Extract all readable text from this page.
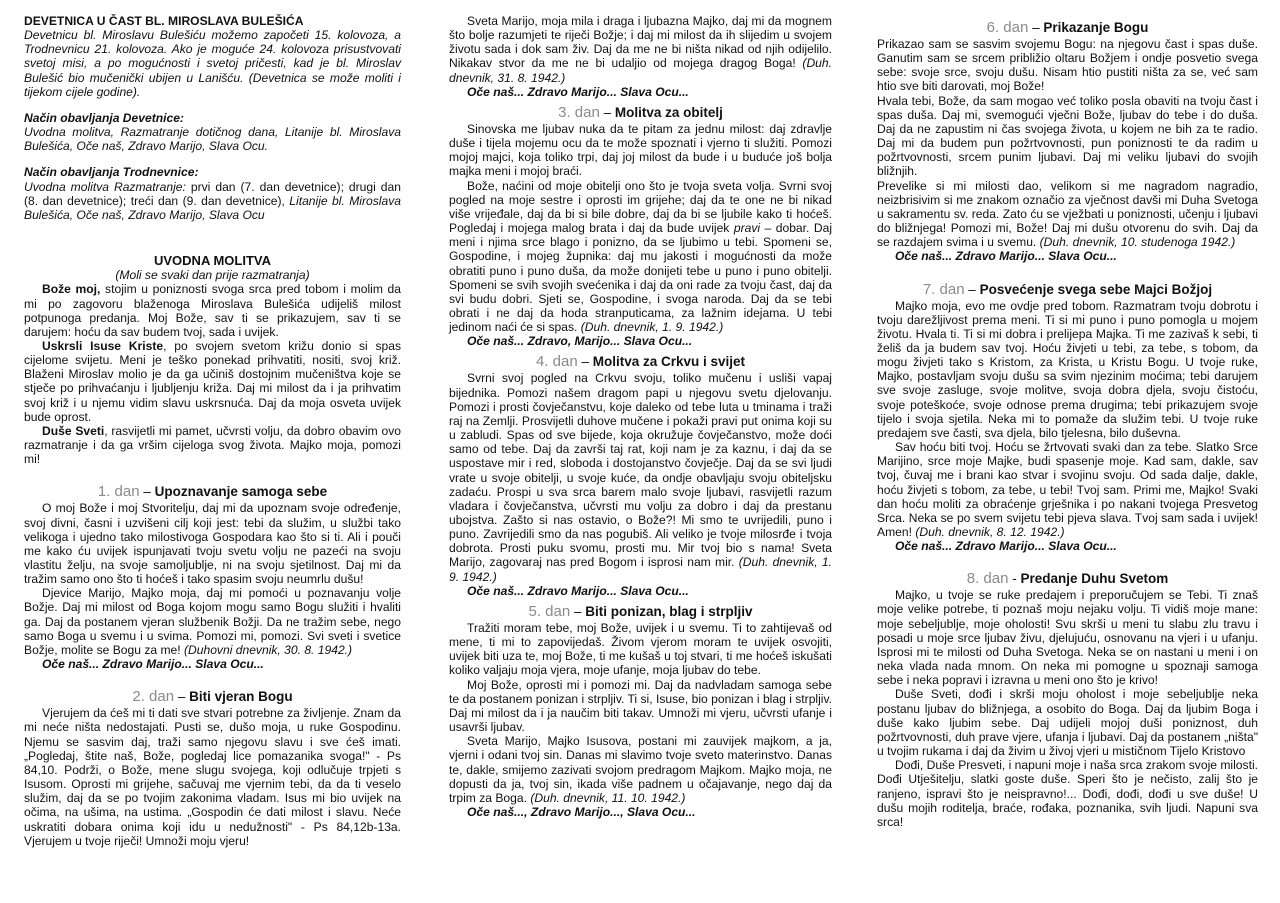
DEVETNICA U ČAST BL. MIROSLAVA BULEŠIĆA

Devetnicu bl. Miroslavu Bulešiću možemo započeti 15. kolovoza, a Trodnevnicu 21. kolovoza. Ako je moguće 24. kolovoza prisustvovati svetoj misi, a po mogućnosti i svetoj pričesti, kad je bl. Miroslav Bulešić bio mučenički ubijen u Lanišću. (Devetnica se može moliti i tijekom cijele godine).

Način obavljanja Devetnice:

Uvodna molitva, Razmatranje dotičnog dana, Litanije bl. Miroslava Bulešića, Oče naš, Zdravo Marijo, Slava Ocu.

Način obavljanja Trodnevnice:

Uvodna molitva Razmatranje: prvi dan (7. dan devetnice); drugi dan (8. dan devetnice); treći dan (9. dan devetnice), Litanije bl. Miroslava Bulešića, Oče naš, Zdravo Marijo, Slava Ocu

UVODNA MOLITVA

(Moli se svaki dan prije razmatranja)

Bože moj, stojim u poniznosti svoga srca pred tobom i molim da mi po zagovoru blaženoga Miroslava Bulešića udijeliš milost potpunoga predanja. Moj Bože, sav ti se prikazujem, sav ti se darujem: hoću da sav budem tvoj, sada i uvijek.

Uskrsli Isuse Kriste, po svojem svetom križu donio si spas cijelome svijetu. Meni je teško ponekad prihvatiti, nositi, svoj križ. Blaženi Miroslav molio je da ga učiniš dostojnim mučeništva koje se stječe po prihvaćanju i ljubljenju križa. Daj mi milost da i ja prihvatim svoj križ i u njemu vidim slavu uskrsnuća. Daj da moja osveta uvijek bude oprost.

Duše Sveti, rasvijetli mi pamet, učvrsti volju, da dobro obavim ovo razmatranje i da ga vršim cijeloga svog života. Majko moja, pomozi mi!

1. dan – Upoznavanje samoga sebe

O moj Bože i moj Stvoritelju, daj mi da upoznam svoje određenje, svoj divni, časni i uzvišeni cilj koji jest: tebi da služim, u službi tako velikoga i ujedno tako milostivoga Gospodara kao što si ti. Ali i pouči me kako ću uvijek ispunjavati tvoju svetu volju ne pazeći na svoju vlastitu želju, na svoje samoljublje, ni na svoju sjetilnost. Daj mi da tražim samo ono što ti hoćeš i tako spasim svoju neumrlu dušu!

Djevice Marijo, Majko moja, daj mi pomoći u poznavanju volje Božje. Daj mi milost od Boga kojom mogu samo Bogu služiti i hvaliti ga. Daj da postanem vjeran službenik Božji. Da ne tražim sebe, nego samo Boga u svemu i u svima. Pomozi mi, pomozi. Svi sveti i svetice Božje, molite se Bogu za me! (Duhovni dnevnik, 30. 8. 1942.)

Oče naš... Zdravo Marijo... Slava Ocu...

2. dan – Biti vjeran Bogu

Vjerujem da ćeš mi ti dati sve stvari potrebne za življenje. Znam da mi neće ništa nedostajati. Pusti se, dušo moja, u ruke Gospodinu. Njemu se sasvim daj, traži samo njegovu slavu i sve ćeš imati. „Pogledaj, štite naš, Bože, pogledaj lice pomazanika svoga!" - Ps 84,10. Podrži, o Bože, mene slugu svojega, koji odlučuje trpjeti s Isusom. Oprosti mi grijehe, sačuvaj me vjernim tebi, da da ti veselo služim, daj da se po tvojim zakonima vladam. Isus mi bio uvijek na očima, na ušima, na ustima. „Gospodin će dati milost i slavu. Neće uskratiti dobara onima koji idu u nedužnosti" - Ps 84,12b-13a. Vjerujem u tvoje riječi! Umnoži moju vjeru!

Sveta Marijo, moja mila i draga i ljubazna Majko, daj mi da mognem što bolje razumjeti te riječi Božje; i daj mi milost da ih slijedim u svojem životu sada i dok sam živ. Daj da me ne bi ništa nikad od njih odijelilo. Nikakav stvor da me ne bi udaljio od mojega dragog Boga! (Duh. dnevnik, 31. 8. 1942.)

Oče naš... Zdravo Marijo... Slava Ocu...

3. dan – Molitva za obitelj

Sinovska me ljubav nuka da te pitam za jednu milost: daj zdravlje duše i tijela mojemu ocu da te može spoznati i vjerno ti služiti. Pomozi mojoj majci, koja toliko trpi, daj joj milost da bude i u buduće još bolja majka meni i mojoj braći.

Bože, naćini od moje obitelji ono što je tvoja sveta volja. Svrni svoj pogled na moje sestre i oprosti im grijehe; daj da te one ne bi nikad više vrijeđale, daj da bi si bile dobre, daj da bi se ljubile kako ti hoćeš. Pogledaj i mojega malog brata i daj da bude uvijek pravi – dobar. Daj meni i njima srce blago i ponizno, da se ljubimo u tebi. Spomeni se, Gospodine, i mojeg župnika: daj mu jakosti i mogućnosti da može obratiti puno i puno duša, da može donijeti tebe u puno i puno obitelji. Spomeni se svih svojih svećenika i daj da oni rade za tvoju čast, daj da svi budu dobri. Sjeti se, Gospodine, i svoga naroda. Daj da se tebi obrati i ne daj da hoda stranputicama, za lažnim idejama. U tebi jedinom naći će si spas. (Duh. dnevnik, 1. 9. 1942.)

Oče naš... Zdravo, Marijo... Slava Ocu...

4. dan – Molitva za Crkvu i svijet

Svrni svoj pogled na Crkvu svoju, toliko mučenu i usliši vapaj bijednika. Pomozi našem dragom papi u njegovu svetu djelovanju. Pomozi i prosti čovječanstvu, koje daleko od tebe luta u tminama i traži raj na Zemlji. Prosvijetli duhove mučene i pokaži pravi put onima koji su u zabludi. Spas od sve bijede, koja okružuje čovječanstvo, može doći samo od tebe. Daj da završi taj rat, koji nam je za kaznu, i daj da se uspostave mir i red, sloboda i dostojanstvo čovječje. Daj da se svi ljudi vrate u svoje obitelji, u svoje kuće, da ondje obavljaju svoju obiteljsku zadaću. Prospi u sva srca barem malo svoje ljubavi, rasvijetli razum vladara i čovječanstva, učvrsti mu volju za dobro i daj da prestanu ubojstva. Zašto si nas ostavio, o Bože?! Mi smo te uvrijedili, puno i puno. Zavrijedili smo da nas pogubiš. Ali veliko je tvoje milosrđe i tvoja dobrota. Prosti puku svomu, prosti mu. Mir tvoj bio s nama! Sveta Marijo, zagovaraj nas pred Bogom i isprosi nam mir. (Duh. dnevnik, 1. 9. 1942.)

Oče naš... Zdravo Marijo... Slava Ocu...

5. dan – Biti ponizan, blag i strpljiv

Tražiti moram tebe, moj Bože, uvijek i u svemu. Ti to zahtijevaš od mene, ti mi to zapovijedaš. Živom vjerom moram te uvijek osvojiti, uvijek biti uza te, moj Bože, ti me kušaš u toj stvari, ti me hoćeš iskušati koliko valjaju moja vjera, moje ufanje, moja ljubav do tebe.

Moj Bože, oprosti mi i pomozi mi. Daj da nadvladam samoga sebe te da postanem ponizan i strpljiv. Ti si, Isuse, bio ponizan i blag i strpljiv. Daj mi milost da i ja naučim biti takav. Umnoži mi vjeru, učvrsti ufanje i usavrši ljubav.

Sveta Marijo, Majko Isusova, postani mi zauvijek majkom, a ja, vjerni i odani tvoj sin. Danas mi slavimo tvoje sveto materinstvo. Danas te, dakle, smijemo zazivati svojom predragom Majkom. Majko moja, ne dopusti da ja, tvoj sin, ikada više padnem u očajavanje, nego daj da trpim za Boga. (Duh. dnevnik, 11. 10. 1942.)

Oče naš..., Zdravo Marijo..., Slava Ocu...

6. dan – Prikazanje Bogu

Prikazao sam se sasvim svojemu Bogu: na njegovu čast i spas duše. Ganutim sam se srcem približio oltaru Božjem i ondje posvetio svega sebe: svoje srce, svoju dušu. Nisam htio pustiti ništa za se, već sam htio sve biti darovati, moj Bože!

Hvala tebi, Bože, da sam mogao već toliko posla obaviti na tvoju čast i spas duša. Daj mi, svemogući vječni Bože, ljubav do tebe i do duša. Daj da ne zapustim ni čas svojega života, u kojem ne bih za te radio. Daj mi da budem pun požrtvovnosti, pun poniznosti te da radim u požrtvovnosti, srcem punim ljubavi. Daj mi veliku ljubavi do svojih bližnjih.

Prevelike si mi milosti dao, velikom si me nagradom nagradio, neizbrisivim si me znakom označio za vječnost davši mi Duha Svetoga u sakramentu sv. reda. Zato ću se vježbati u poniznosti, učenju i ljubavi do bližnjega! Pomozi mi, Bože! Daj mi dušu otvorenu do svih. Daj da se razdajem svima i u svemu. (Duh. dnevnik, 10. studenoga 1942.)

Oče naš... Zdravo Marijo... Slava Ocu...

7. dan – Posvećenje svega sebe Majci Božjoj

Majko moja, evo me ovdje pred tobom. Razmatram tvoju dobrotu i tvoju darežljivost prema meni. Ti si mi puno i puno pomogla u mojem životu. Hvala ti. Ti si mi dobra i prelijepa Majka. Ti me zazivaš k sebi, ti želiš da ja budem sav tvoj. Hoću živjeti u tebi, za tebe, s tobom, da mogu živjeti tako s Kristom, za Krista, u Kristu Bogu. U tvoje ruke, Majko, postavljam svoju dušu sa svim njezinim moćima; tebi darujem sve svoje zasluge, svoje molitve, svoja dobra djela, svoju čistoću, svoje poteškoće, svoje odnose prema drugima; tebi prikazujem svoje tijelo i svoja sjetila. Neka mi to pomaže da služim tebi. U tvoje ruke predajem sve časti, sva djela, bilo tjelesna, bilo duševna.

Sav hoću biti tvoj. Hoću se žrtvovati svaki dan za tebe. Slatko Srce Marijino, srce moje Majke, budi spasenje moje. Kad sam, dakle, sav tvoj, čuvaj me i brani kao stvar i svojinu svoju. Od sada dalje, dakle, hoću živjeti s tobom, za tebe, u tebi! Tvoj sam. Primi me, Majko! Svaki dan hoću moliti za obraćenje grješnika i po nakani tvojega Presvetog Srca. Neka se po svem svijetu tebi pjeva slava. Tvoj sam sada i uvijek! Amen! (Duh. dnevnik, 8. 12. 1942.)

Oče naš... Zdravo Marijo... Slava Ocu...

8. dan - Predanje Duhu Svetom

Majko, u tvoje se ruke predajem i preporučujem se Tebi. Ti znaš moje velike potrebe, ti poznaš moju nejaku volju. Ti vidiš moje mane: moje sebeljublje, moje oholosti! Svu skrši u meni tu slabu zlu travu i posadi u moje srce ljubav živu, djelujuću, osnovanu na vjeri i u ufanju. Isprosi mi te milosti od Duha Svetoga. Neka se on nastani u meni i on neka vlada nada mnom. On neka mi pomogne u spoznaji samoga sebe i neka popravi i izravna u meni ono što je krivo!

Duše Sveti, dođi i skrši moju oholost i moje sebeljublje neka postanu ljubav do bližnjega, a osobito do Boga. Daj da ljubim Boga i duše kako ljubim sebe. Daj udijeli mojoj duši poniznost, duh požrtvovnosti, duh prave vjere, ufanja i ljubavi. Daj da postanem „ništa" u tvojim rukama i daj da živim u živoj vjeri u mističnom Tijelo Kristovo

Dođi, Duše Presveti, i napuni moje i naša srca zrakom svoje milosti. Dođi Utješitelju, slatki goste duše. Speri što je nečisto, zalij što je ranjeno, ispravi što je neispravno!... Dođi, dođi, dođi u sve duše! U dušu mojih roditelja, braće, rođaka, poznanika, svih ljudi. Napuni sva srca!
